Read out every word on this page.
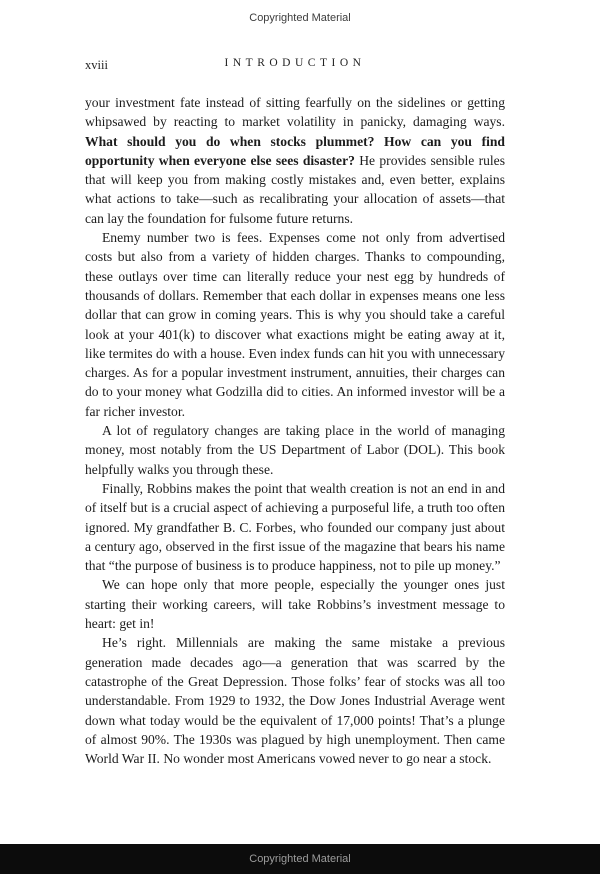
Copyrighted Material
xviii	INTRODUCTION

your investment fate instead of sitting fearfully on the sidelines or getting whipsawed by reacting to market volatility in panicky, damaging ways. What should you do when stocks plummet? How can you find opportunity when everyone else sees disaster? He provides sensible rules that will keep you from making costly mistakes and, even better, explains what actions to take—such as recalibrating your allocation of assets—that can lay the foundation for fulsome future returns.

Enemy number two is fees. Expenses come not only from advertised costs but also from a variety of hidden charges. Thanks to compounding, these outlays over time can literally reduce your nest egg by hundreds of thousands of dollars. Remember that each dollar in expenses means one less dollar that can grow in coming years. This is why you should take a careful look at your 401(k) to discover what exactions might be eating away at it, like termites do with a house. Even index funds can hit you with unnecessary charges. As for a popular investment instrument, annuities, their charges can do to your money what Godzilla did to cities. An informed investor will be a far richer investor.

A lot of regulatory changes are taking place in the world of managing money, most notably from the US Department of Labor (DOL). This book helpfully walks you through these.

Finally, Robbins makes the point that wealth creation is not an end in and of itself but is a crucial aspect of achieving a purposeful life, a truth too often ignored. My grandfather B. C. Forbes, who founded our company just about a century ago, observed in the first issue of the magazine that bears his name that “the purpose of business is to produce happiness, not to pile up money.”

We can hope only that more people, especially the younger ones just starting their working careers, will take Robbins’s investment message to heart: get in!

He’s right. Millennials are making the same mistake a previous generation made decades ago—a generation that was scarred by the catastrophe of the Great Depression. Those folks’ fear of stocks was all too understandable. From 1929 to 1932, the Dow Jones Industrial Average went down what today would be the equivalent of 17,000 points! That’s a plunge of almost 90%. The 1930s was plagued by high unemployment. Then came World War II. No wonder most Americans vowed never to go near a stock.

Copyrighted Material
